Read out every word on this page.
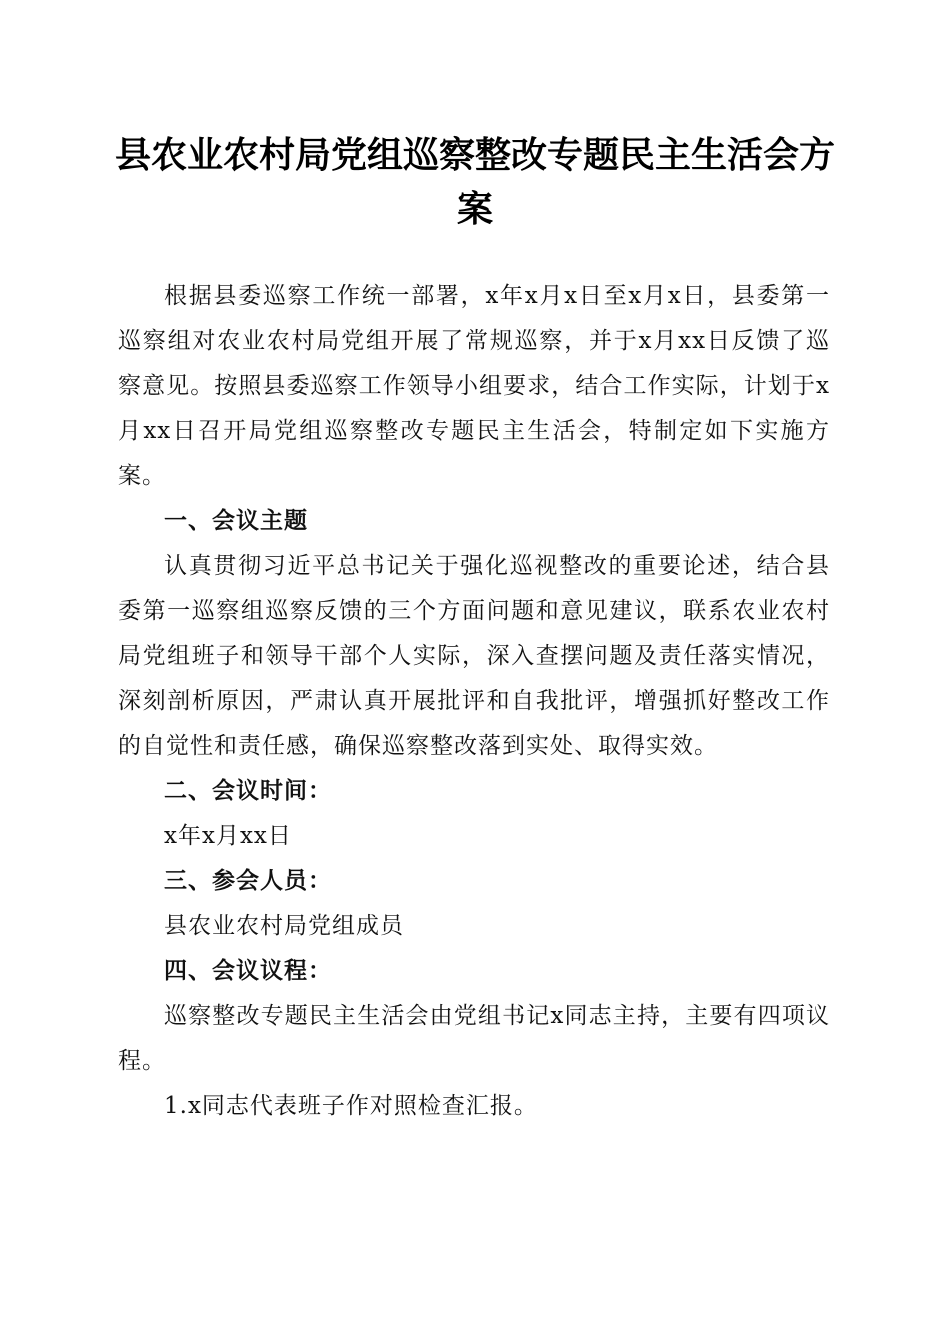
县农业农村局党组巡察整改专题民主生活会方案

根据县委巡察工作统一部署，x年x月x日至x月x日，县委第一巡察组对农业农村局党组开展了常规巡察，并于x月xx日反馈了巡察意见。按照县委巡察工作领导小组要求，结合工作实际，计划于x月xx日召开局党组巡察整改专题民主生活会，特制定如下实施方案。

一、会议主题

认真贯彻习近平总书记关于强化巡视整改的重要论述，结合县委第一巡察组巡察反馈的三个方面问题和意见建议，联系农业农村局党组班子和领导干部个人实际，深入查摆问题及责任落实情况，深刻剖析原因，严肃认真开展批评和自我批评，增强抓好整改工作的自觉性和责任感，确保巡察整改落到实处、取得实效。

二、会议时间：

x年x月xx日

三、参会人员：

县农业农村局党组成员

四、会议议程：

巡察整改专题民主生活会由党组书记x同志主持，主要有四项议程。

1.x同志代表班子作对照检查汇报。
